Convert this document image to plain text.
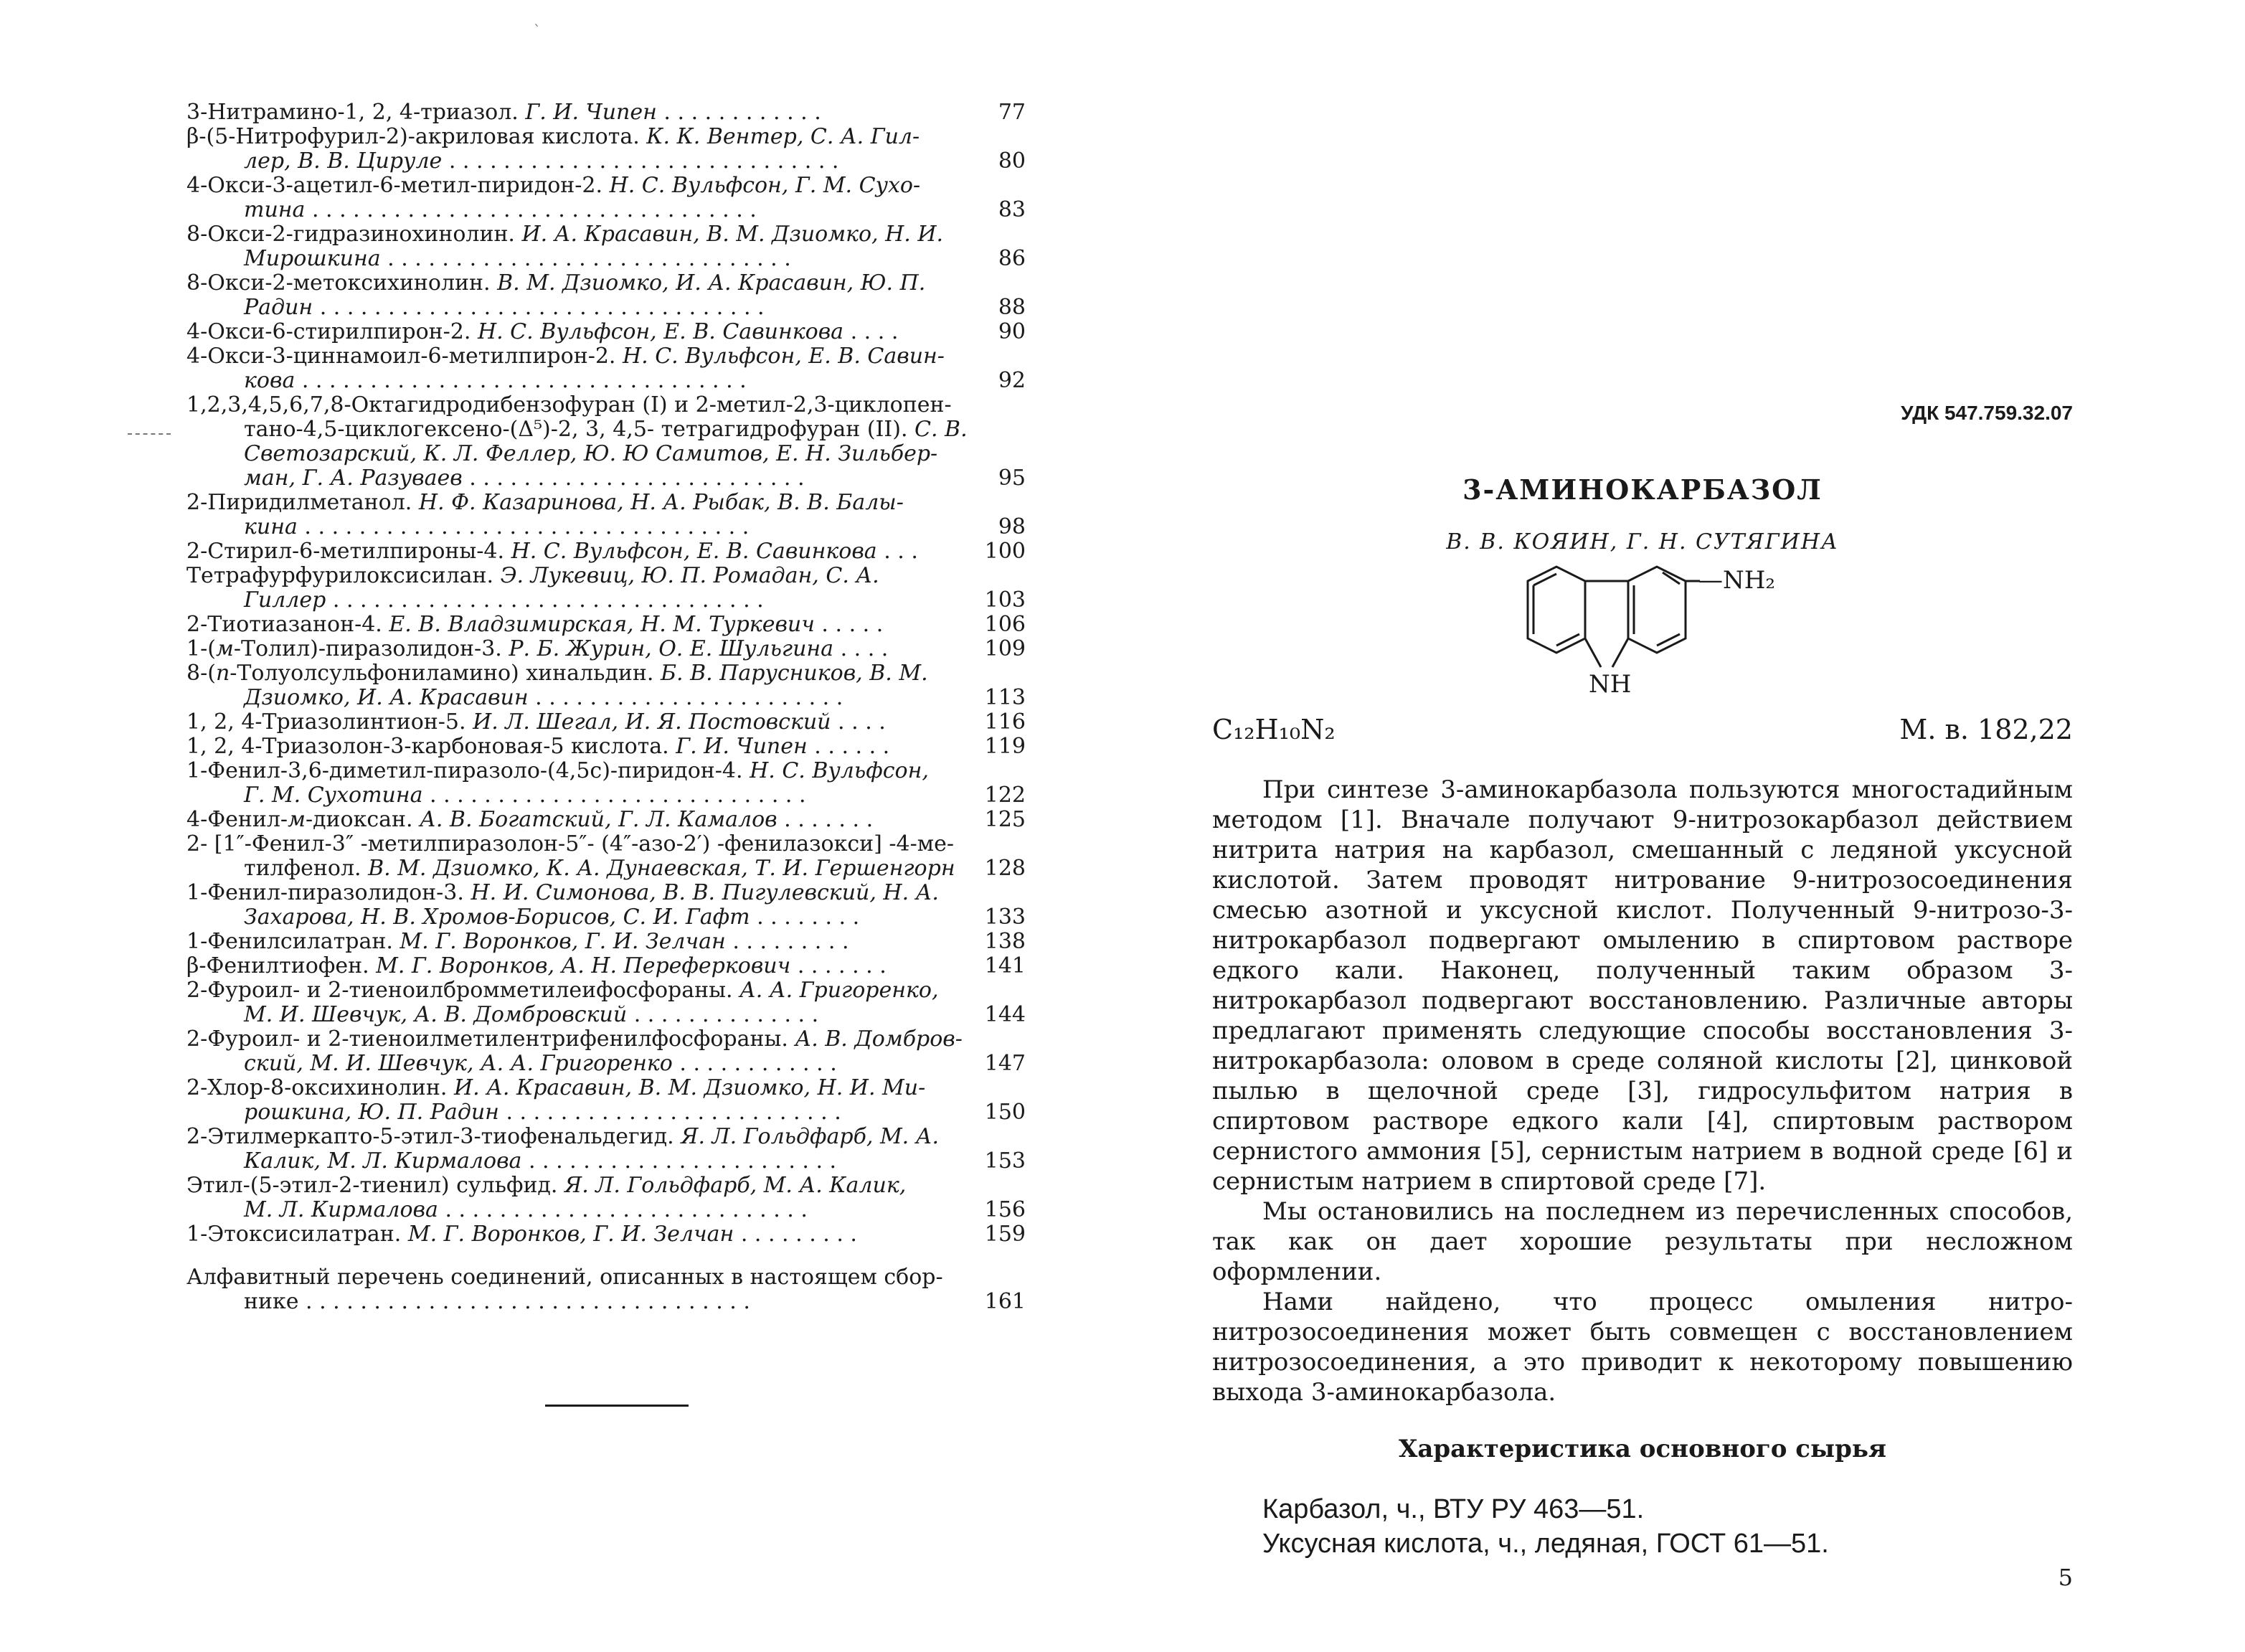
ˋ
3-Нитрамино-1, 2, 4-триазол. Г. И. Чипен . . . . . . . . . . . .	77
β-(5-Нитрофурил-2)-акриловая кислота. К. К. Вентер, С. А. Гил-
лер, В. В. Цируле . . . . . . . . . . . . . . . . . . . . . . . . . . . . .	80
4-Окси-3-ацетил-6-метил-пиридон-2. Н. С. Вульфсон, Г. М. Сухо-
тина . . . . . . . . . . . . . . . . . . . . . . . . . . . . . . . . .	83
8-Окси-2-гидразинохинолин. И. А. Красавин, В. М. Дзиомко, Н. И.
Мирошкина . . . . . . . . . . . . . . . . . . . . . . . . . . . . . .	86
8-Окси-2-метоксихинолин. В. М. Дзиомко, И. А. Красавин, Ю. П.
Радин . . . . . . . . . . . . . . . . . . . . . . . . . . . . . . . . .	88
4-Окси-6-стирилпирон-2. Н. С. Вульфсон, Е. В. Савинкова . . . .	90
4-Окси-3-циннамоил-6-метилпирон-2. Н. С. Вульфсон, Е. В. Савин-
кова . . . . . . . . . . . . . . . . . . . . . . . . . . . . . . . . .	92
1,2,3,4,5,6,7,8-Октагидродибензофуран (I) и 2-метил-2,3-циклопен-
тано-4,5-циклогексено-(Δ⁵)-2, 3, 4,5- тетрагидрофуран (II). С. В.
Светозарский, К. Л. Феллер, Ю. Ю Самитов, Е. Н. Зильбер-
ман, Г. А. Разуваев . . . . . . . . . . . . . . . . . . . . . . . . .	95
2-Пиридилметанол. Н. Ф. Казаринова, Н. А. Рыбак, В. В. Балы-
кина . . . . . . . . . . . . . . . . . . . . . . . . . . . . . . . . .	98
2-Стирил-6-метилпироны-4. Н. С. Вульфсон, Е. В. Савинкова . . .	100
Тетрафурфурилоксисилан. Э. Лукевиц, Ю. П. Ромадан, С. А.
Гиллер . . . . . . . . . . . . . . . . . . . . . . . . . . . . . . . .	103
2-Тиотиазанон-4. Е. В. Владзимирская, Н. М. Туркевич . . . . .	106
1-(м-Толил)-пиразолидон-3. Р. Б. Журин, О. Е. Шульгина . . . .	109
8-(п-Толуолсульфониламино) хинальдин. Б. В. Парусников, В. М.
Дзиомко, И. А. Красавин . . . . . . . . . . . . . . . . . . . . . . .	113
1, 2, 4-Триазолинтион-5. И. Л. Шегал, И. Я. Постовский . . . .	116
1, 2, 4-Триазолон-3-карбоновая-5 кислота. Г. И. Чипен . . . . . .	119
1-Фенил-3,6-диметил-пиразоло-(4,5с)-пиридон-4. Н. С. Вульфсон,
Г. М. Сухотина . . . . . . . . . . . . . . . . . . . . . . . . . . . .	122
4-Фенил-м-диоксан. А. В. Богатский, Г. Л. Камалов . . . . . . .	125
2- [1″-Фенил-3″ -метилпиразолон-5″- (4″-азо-2′) -фенилазокси] -4-ме-
тилфенол. В. М. Дзиомко, К. А. Дунаевская, Т. И. Гершенгорн	128
1-Фенил-пиразолидон-3. Н. И. Симонова, В. В. Пигулевский, Н. А.
Захарова, Н. В. Хромов-Борисов, С. И. Гафт . . . . . . . .	133
1-Фенилсилатран. М. Г. Воронков, Г. И. Зелчан . . . . . . . . .	138
β-Фенилтиофен. М. Г. Воронков, А. Н. Переферкович . . . . . . .	141
2-Фуроил- и 2-тиеноилбромметилеифосфораны. А. А. Григоренко,
М. И. Шевчук, А. В. Домбровский . . . . . . . . . . . . . .	144
2-Фуроил- и 2-тиеноилметилентрифенилфосфораны. А. В. Домбров-
ский, М. И. Шевчук, А. А. Григоренко . . . . . . . . . . . .	147
2-Хлор-8-оксихинолин. И. А. Красавин, В. М. Дзиомко, Н. И. Ми-
рошкина, Ю. П. Радин . . . . . . . . . . . . . . . . . . . . . . . . .	150
2-Этилмеркапто-5-этил-3-тиофенальдегид. Я. Л. Гольдфарб, М. А.
Калик, М. Л. Кирмалова . . . . . . . . . . . . . . . . . . . . . . .	153
Этил-(5-этил-2-тиенил) сульфид. Я. Л. Гольдфарб, М. А. Калик,
М. Л. Кирмалова . . . . . . . . . . . . . . . . . . . . . . . . . . .	156
1-Этоксисилатран. М. Г. Воронков, Г. И. Зелчан . . . . . . . . .	159
Алфавитный перечень соединений, описанных в настоящем сбор-
нике . . . . . . . . . . . . . . . . . . . . . . . . . . . . . . . . .	161
УДК 547.759.32.07
3-АМИНОКАРБАЗОЛ
В. В. КОЯИН, Г. Н. СУТЯГИНА
—NH₂
NH
C₁₂H₁₀N₂	М. в. 182,22

При синтезе 3-аминокарбазола пользуются многостадийным методом [1]. Вначале получают 9-нитрозокарбазол действием нитрита натрия на карбазол, смешанный с ледяной уксусной кислотой. Затем проводят нитрование 9-нитрозосоединения смесью азотной и уксусной кислот. Полученный 9-нитрозо-3-нитрокарбазол подвергают омылению в спиртовом растворе едкого кали. Наконец, полученный таким образом 3-нитрокарбазол подвергают восстановлению. Различные авторы предлагают применять следующие способы восстановления 3-нитрокарбазола: оловом в среде соляной кислоты [2], цинковой пылью в щелочной среде [3], гидросульфитом натрия в спиртовом растворе едкого кали [4], спиртовым раствором сернистого аммония [5], сернистым натрием в водной среде [6] и сернистым натрием в спиртовой среде [7].

Мы остановились на последнем из перечисленных способов, так как он дает хорошие результаты при несложном оформлении.

Нами найдено, что процесс омыления нитро-нитрозосоединения может быть совмещен с восстановлением нитрозосоединения, а это приводит к некоторому повышению выхода 3-аминокарбазола.

Характеристика основного сырья
Карбазол, ч., ВТУ РУ 463—51.
Уксусная кислота, ч., ледяная, ГОСТ 61—51.
5
